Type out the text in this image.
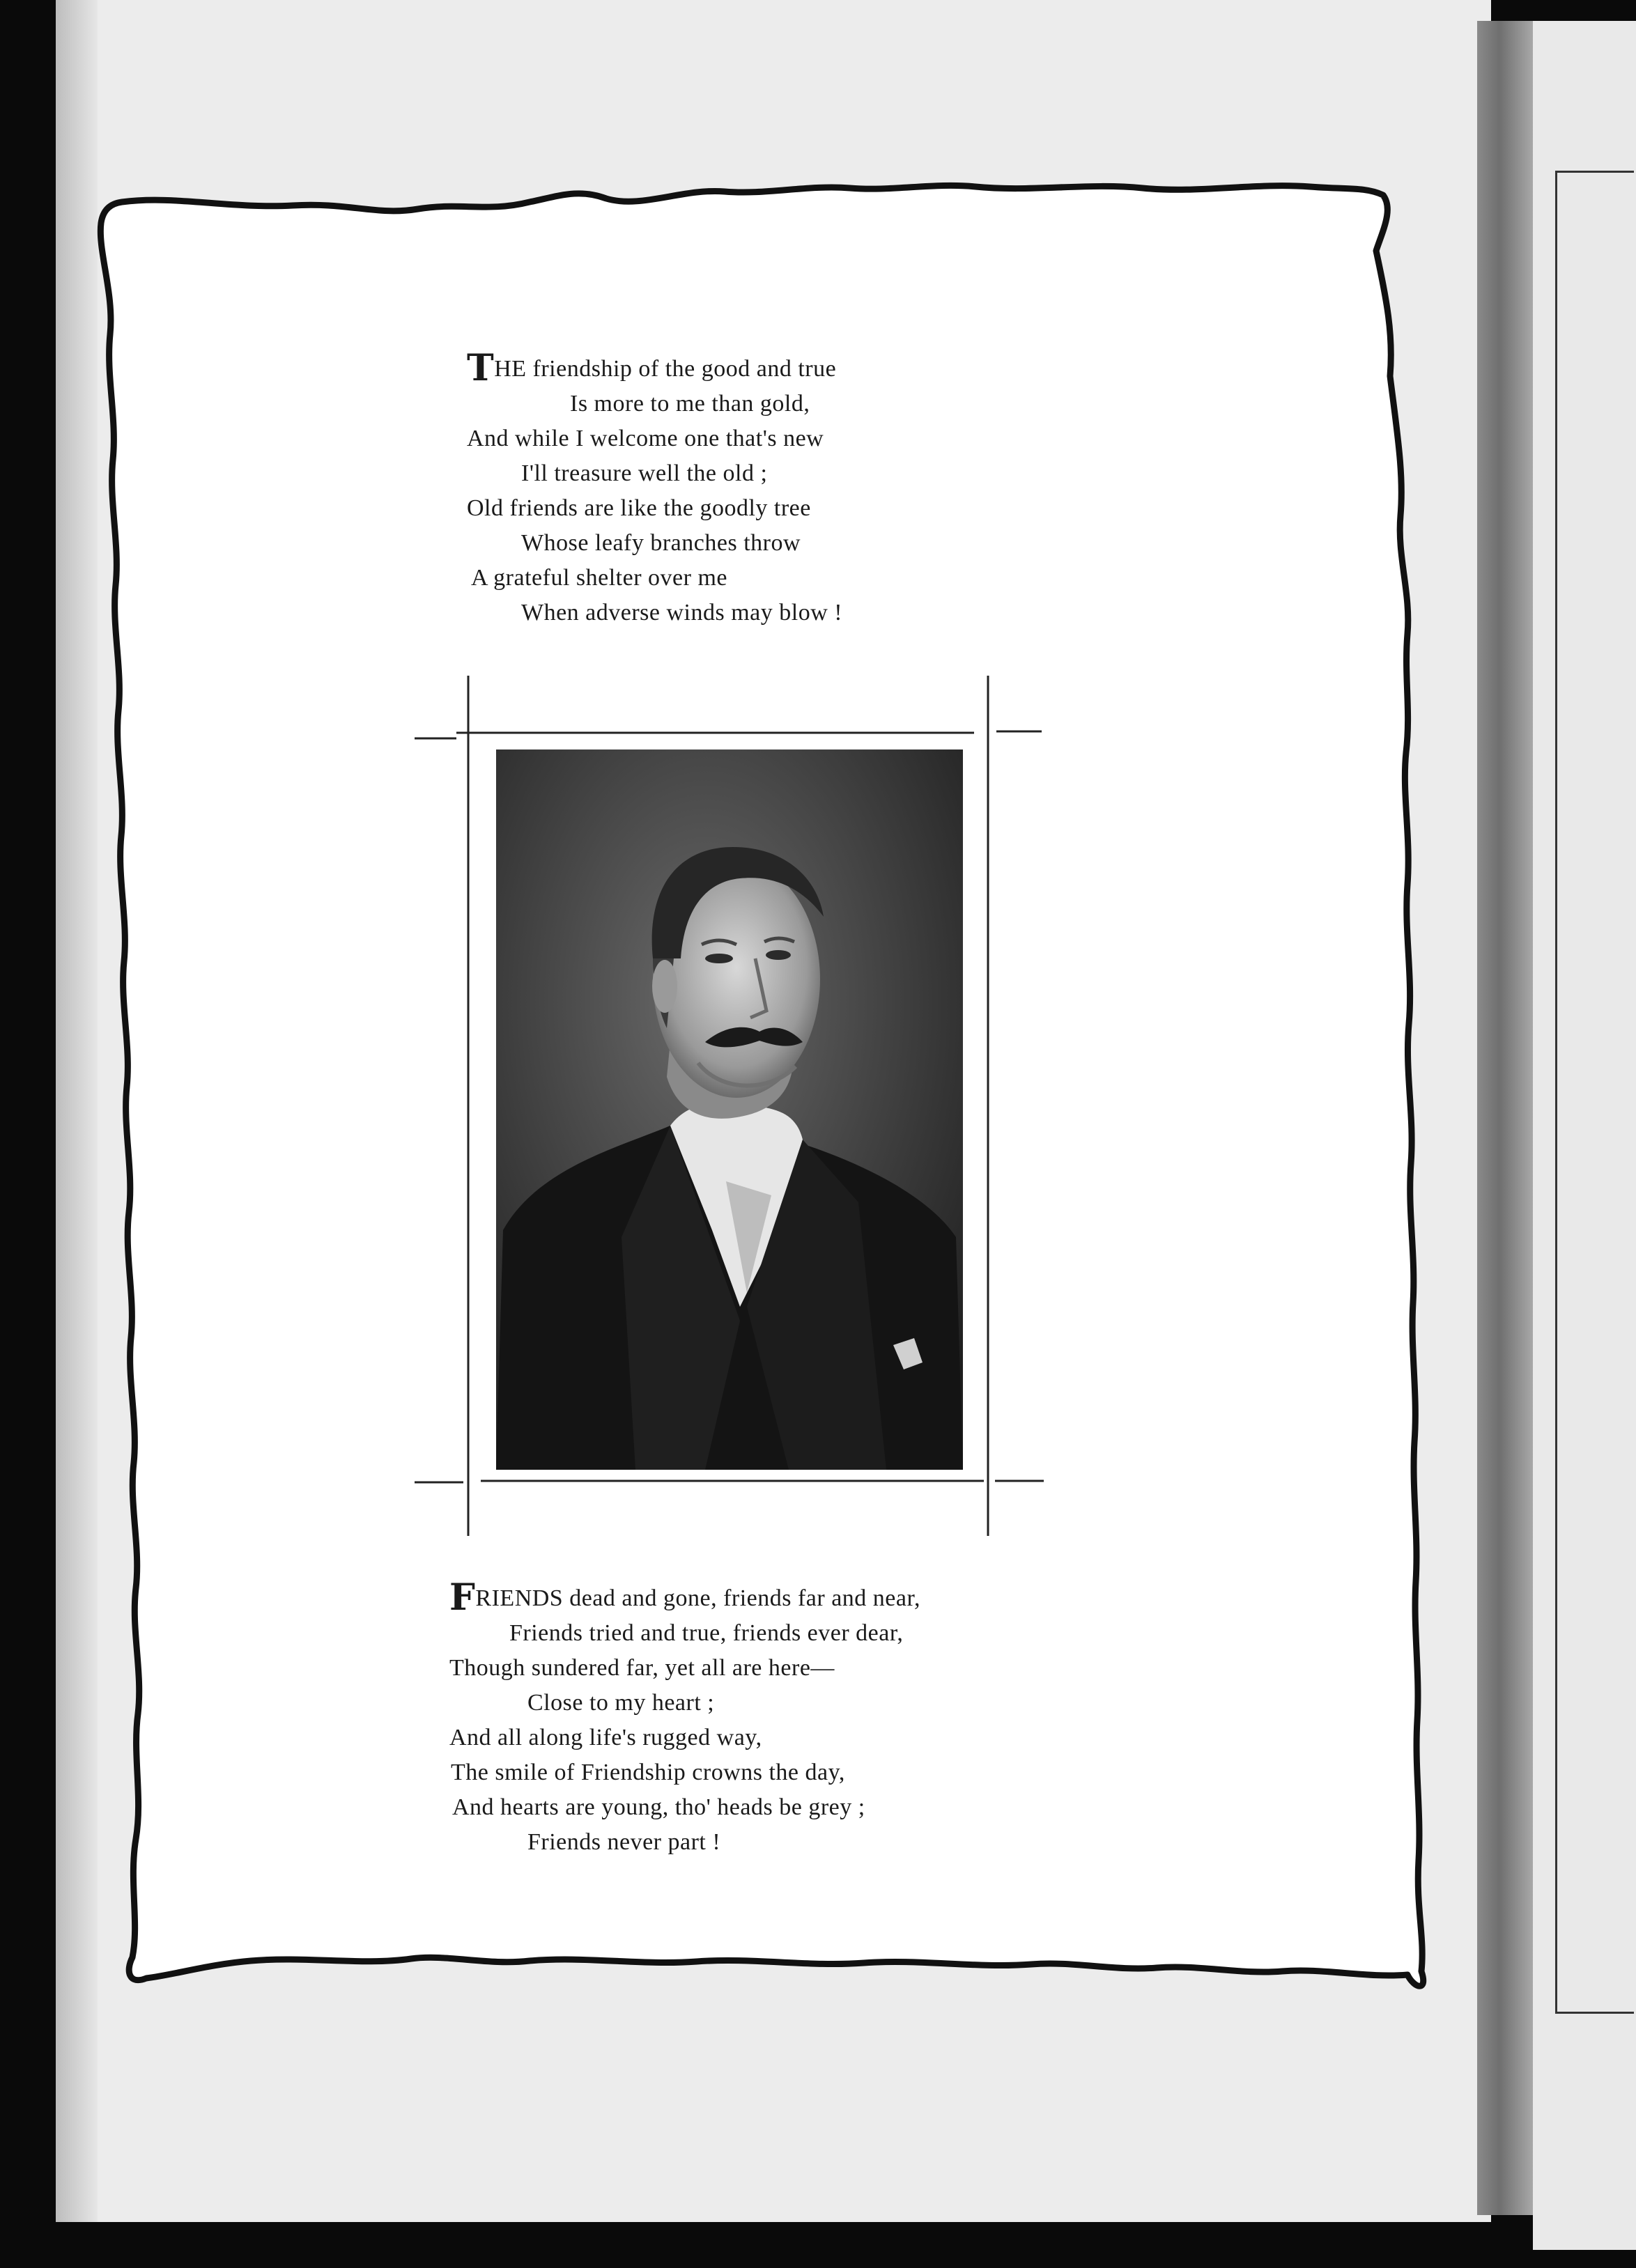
THE friendship of the good and true
Is more to me than gold,
And while I welcome one that's new
I'll treasure well the old ;
Old friends are like the goodly tree
Whose leafy branches throw
A grateful shelter over me
When adverse winds may blow !
FRIENDS dead and gone, friends far and near,
Friends tried and true, friends ever dear,
Though sundered far, yet all are here—
Close to my heart ;
And all along life's rugged way,
The smile of Friendship crowns the day,
And hearts are young, tho' heads be grey ;
Friends never part !
